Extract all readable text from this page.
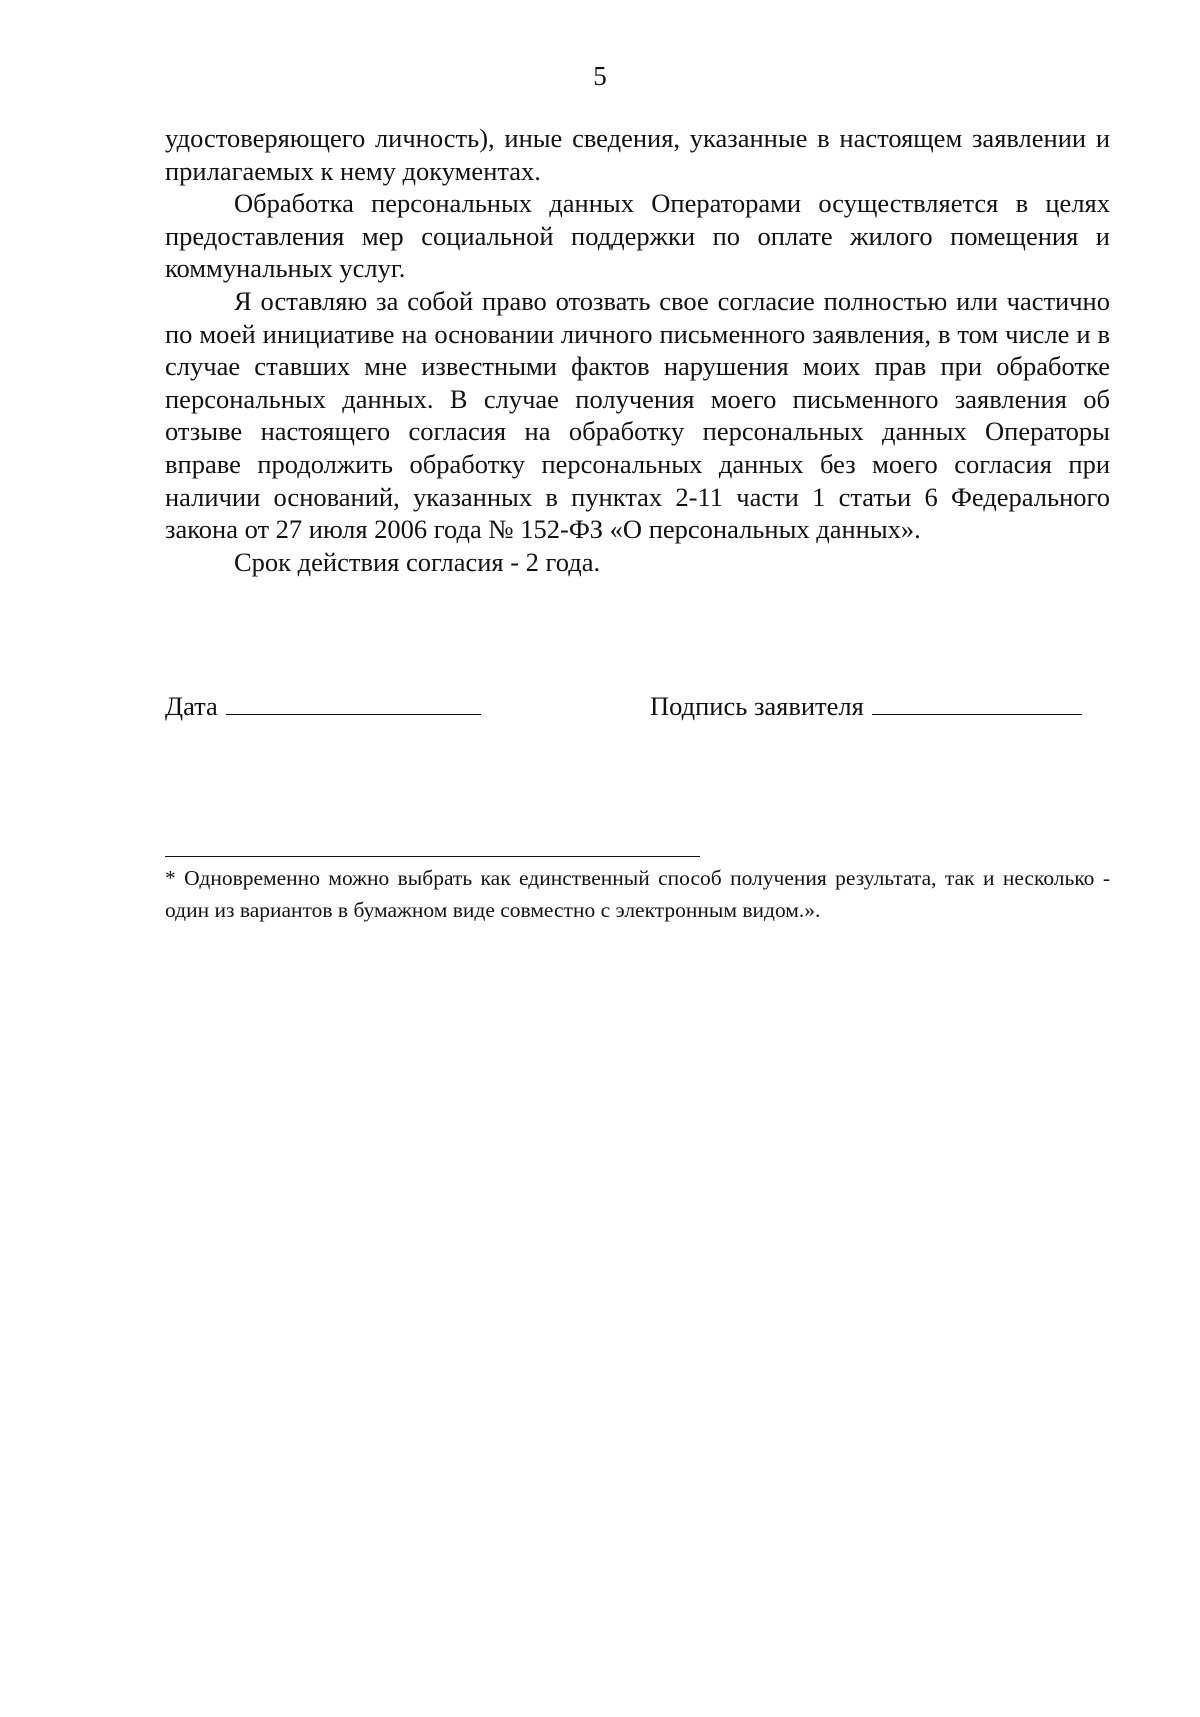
5

удостоверяющего личность), иные сведения, указанные в настоящем заявлении и прилагаемых к нему документах.

Обработка персональных данных Операторами осуществляется в целях предоставления мер социальной поддержки по оплате жилого помещения и коммунальных услуг.

Я оставляю за собой право отозвать свое согласие полностью или частично по моей инициативе на основании личного письменного заявления, в том числе и в случае ставших мне известными фактов нарушения моих прав при обработке персональных данных. В случае получения моего письменного заявления об отзыве настоящего согласия на обработку персональных данных Операторы вправе продолжить обработку персональных данных без моего согласия при наличии оснований, указанных в пунктах 2-11 части 1 статьи 6 Федерального закона от 27 июля 2006 года № 152-ФЗ «О персональных данных».

Срок действия согласия - 2 года.

Дата	Подпись заявителя

* Одновременно можно выбрать как единственный способ получения результата, так и несколько - один из вариантов в бумажном виде совместно с электронным видом.».
